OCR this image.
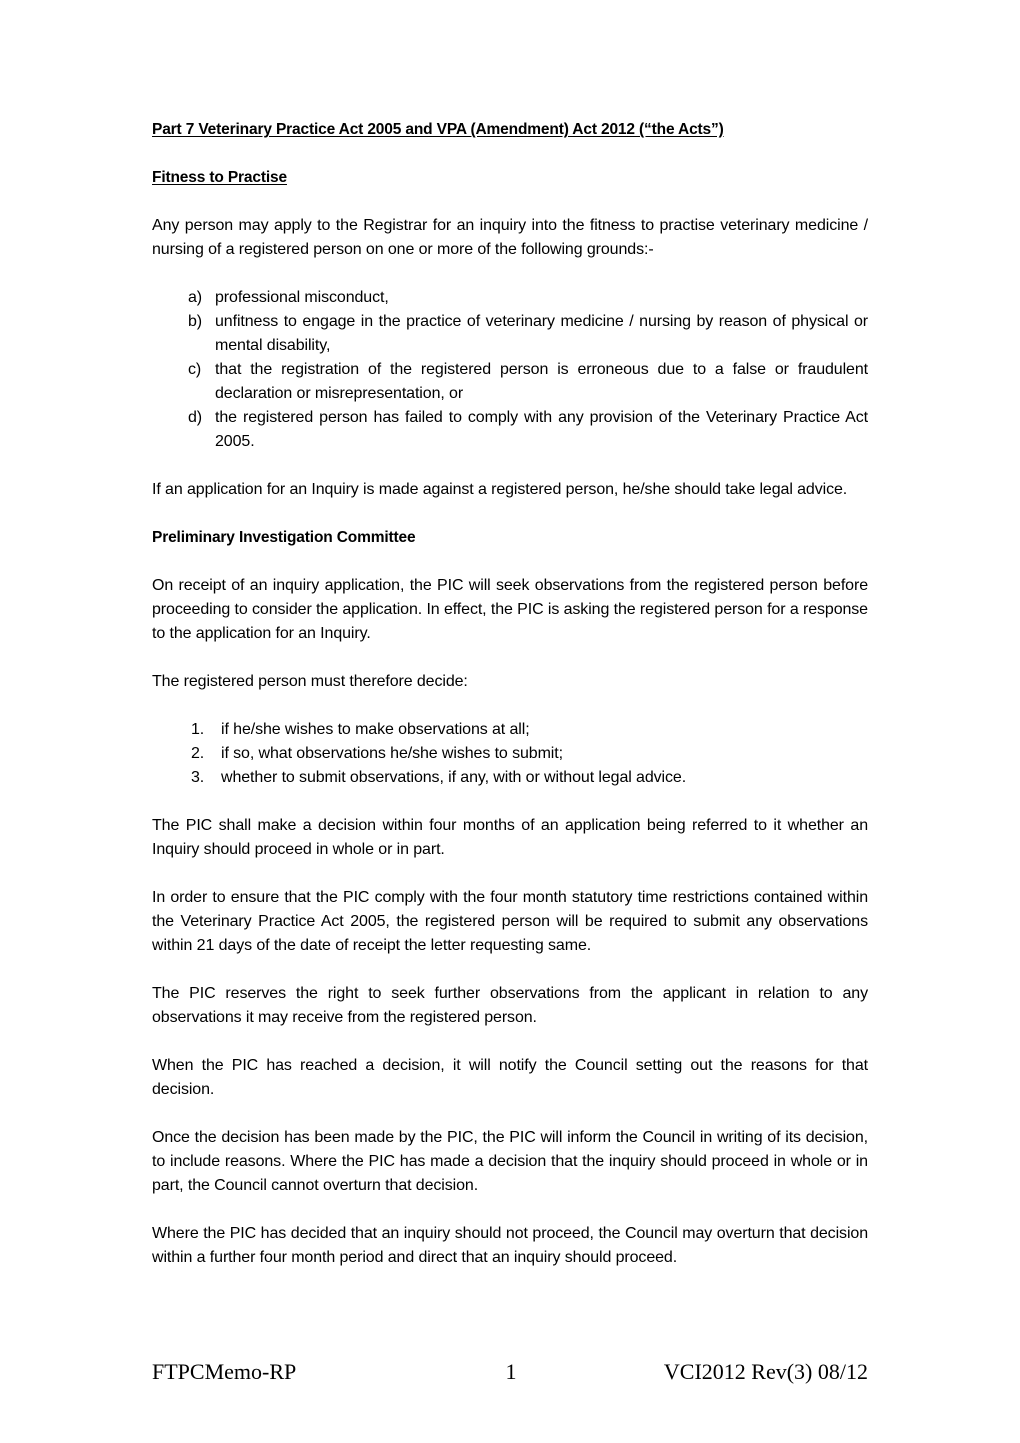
Part 7 Veterinary Practice Act 2005 and VPA (Amendment) Act 2012 (“the Acts”)
Fitness to Practise

Any person may apply to the Registrar for an inquiry into the fitness to practise veterinary medicine / nursing of a registered person on one or more of the following grounds:-

a) professional misconduct,
b) unfitness to engage in the practice of veterinary medicine / nursing by reason of physical or mental disability,
c) that the registration of the registered person is erroneous due to a false or fraudulent declaration or misrepresentation, or
d) the registered person has failed to comply with any provision of the Veterinary Practice Act 2005.

If an application for an Inquiry is made against a registered person, he/she should take legal advice.

Preliminary Investigation Committee

On receipt of an inquiry application, the PIC will seek observations from the registered person before proceeding to consider the application. In effect, the PIC is asking the registered person for a response to the application for an Inquiry.

The registered person must therefore decide:

1. if he/she wishes to make observations at all;
2. if so, what observations he/she wishes to submit;
3. whether to submit observations, if any, with or without legal advice.

The PIC shall make a decision within four months of an application being referred to it whether an Inquiry should proceed in whole or in part.

In order to ensure that the PIC comply with the four month statutory time restrictions contained within the Veterinary Practice Act 2005, the registered person will be required to submit any observations within 21 days of the date of receipt the letter requesting same.

The PIC reserves the right to seek further observations from the applicant in relation to any observations it may receive from the registered person.

When the PIC has reached a decision, it will notify the Council setting out the reasons for that decision.

Once the decision has been made by the PIC, the PIC will inform the Council in writing of its decision, to include reasons. Where the PIC has made a decision that the inquiry should proceed in whole or in part, the Council cannot overturn that decision.

Where the PIC has decided that an inquiry should not proceed, the Council may overturn that decision within a further four month period and direct that an inquiry should proceed.

FTPCMemo-RP	1	VCI2012 Rev(3) 08/12
